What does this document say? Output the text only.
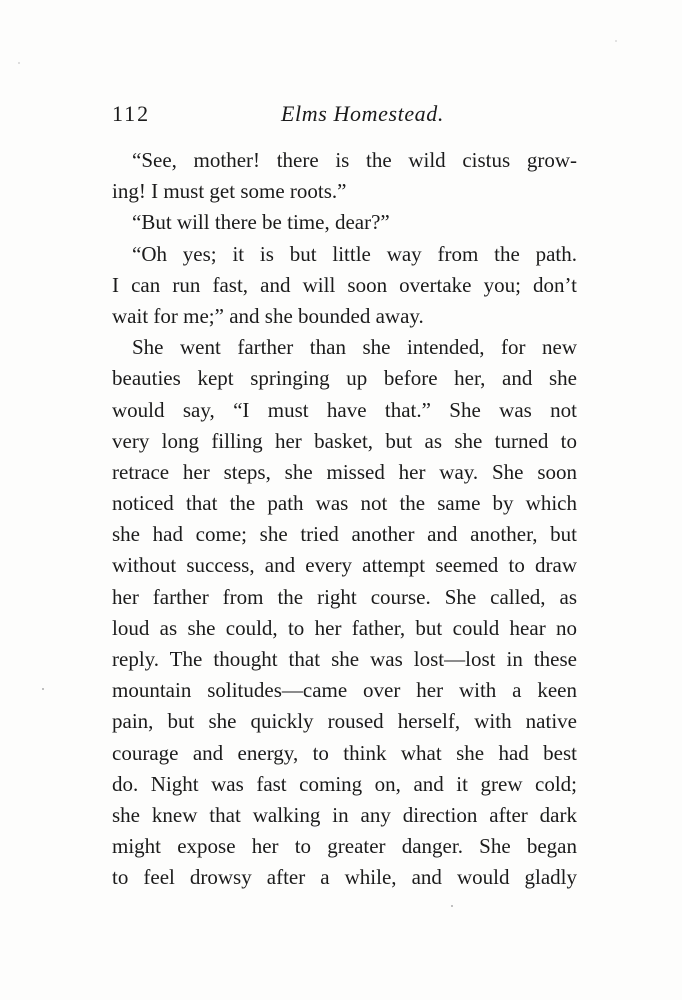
112	Elms Homestead.
“See, mother! there is the wild cistus grow-
ing! I must get some roots.”
“But will there be time, dear?”
“Oh yes; it is but little way from the path.
I can run fast, and will soon overtake you; don’t
wait for me;” and she bounded away.
She went farther than she intended, for new
beauties kept springing up before her, and she
would say, “I must have that.” She was not
very long filling her basket, but as she turned to
retrace her steps, she missed her way. She soon
noticed that the path was not the same by which
she had come; she tried another and another, but
without success, and every attempt seemed to draw
her farther from the right course. She called, as
loud as she could, to her father, but could hear no
reply. The thought that she was lost—lost in these
mountain solitudes—came over her with a keen
pain, but she quickly roused herself, with native
courage and energy, to think what she had best
do. Night was fast coming on, and it grew cold;
she knew that walking in any direction after dark
might expose her to greater danger. She began
to feel drowsy after a while, and would gladly
